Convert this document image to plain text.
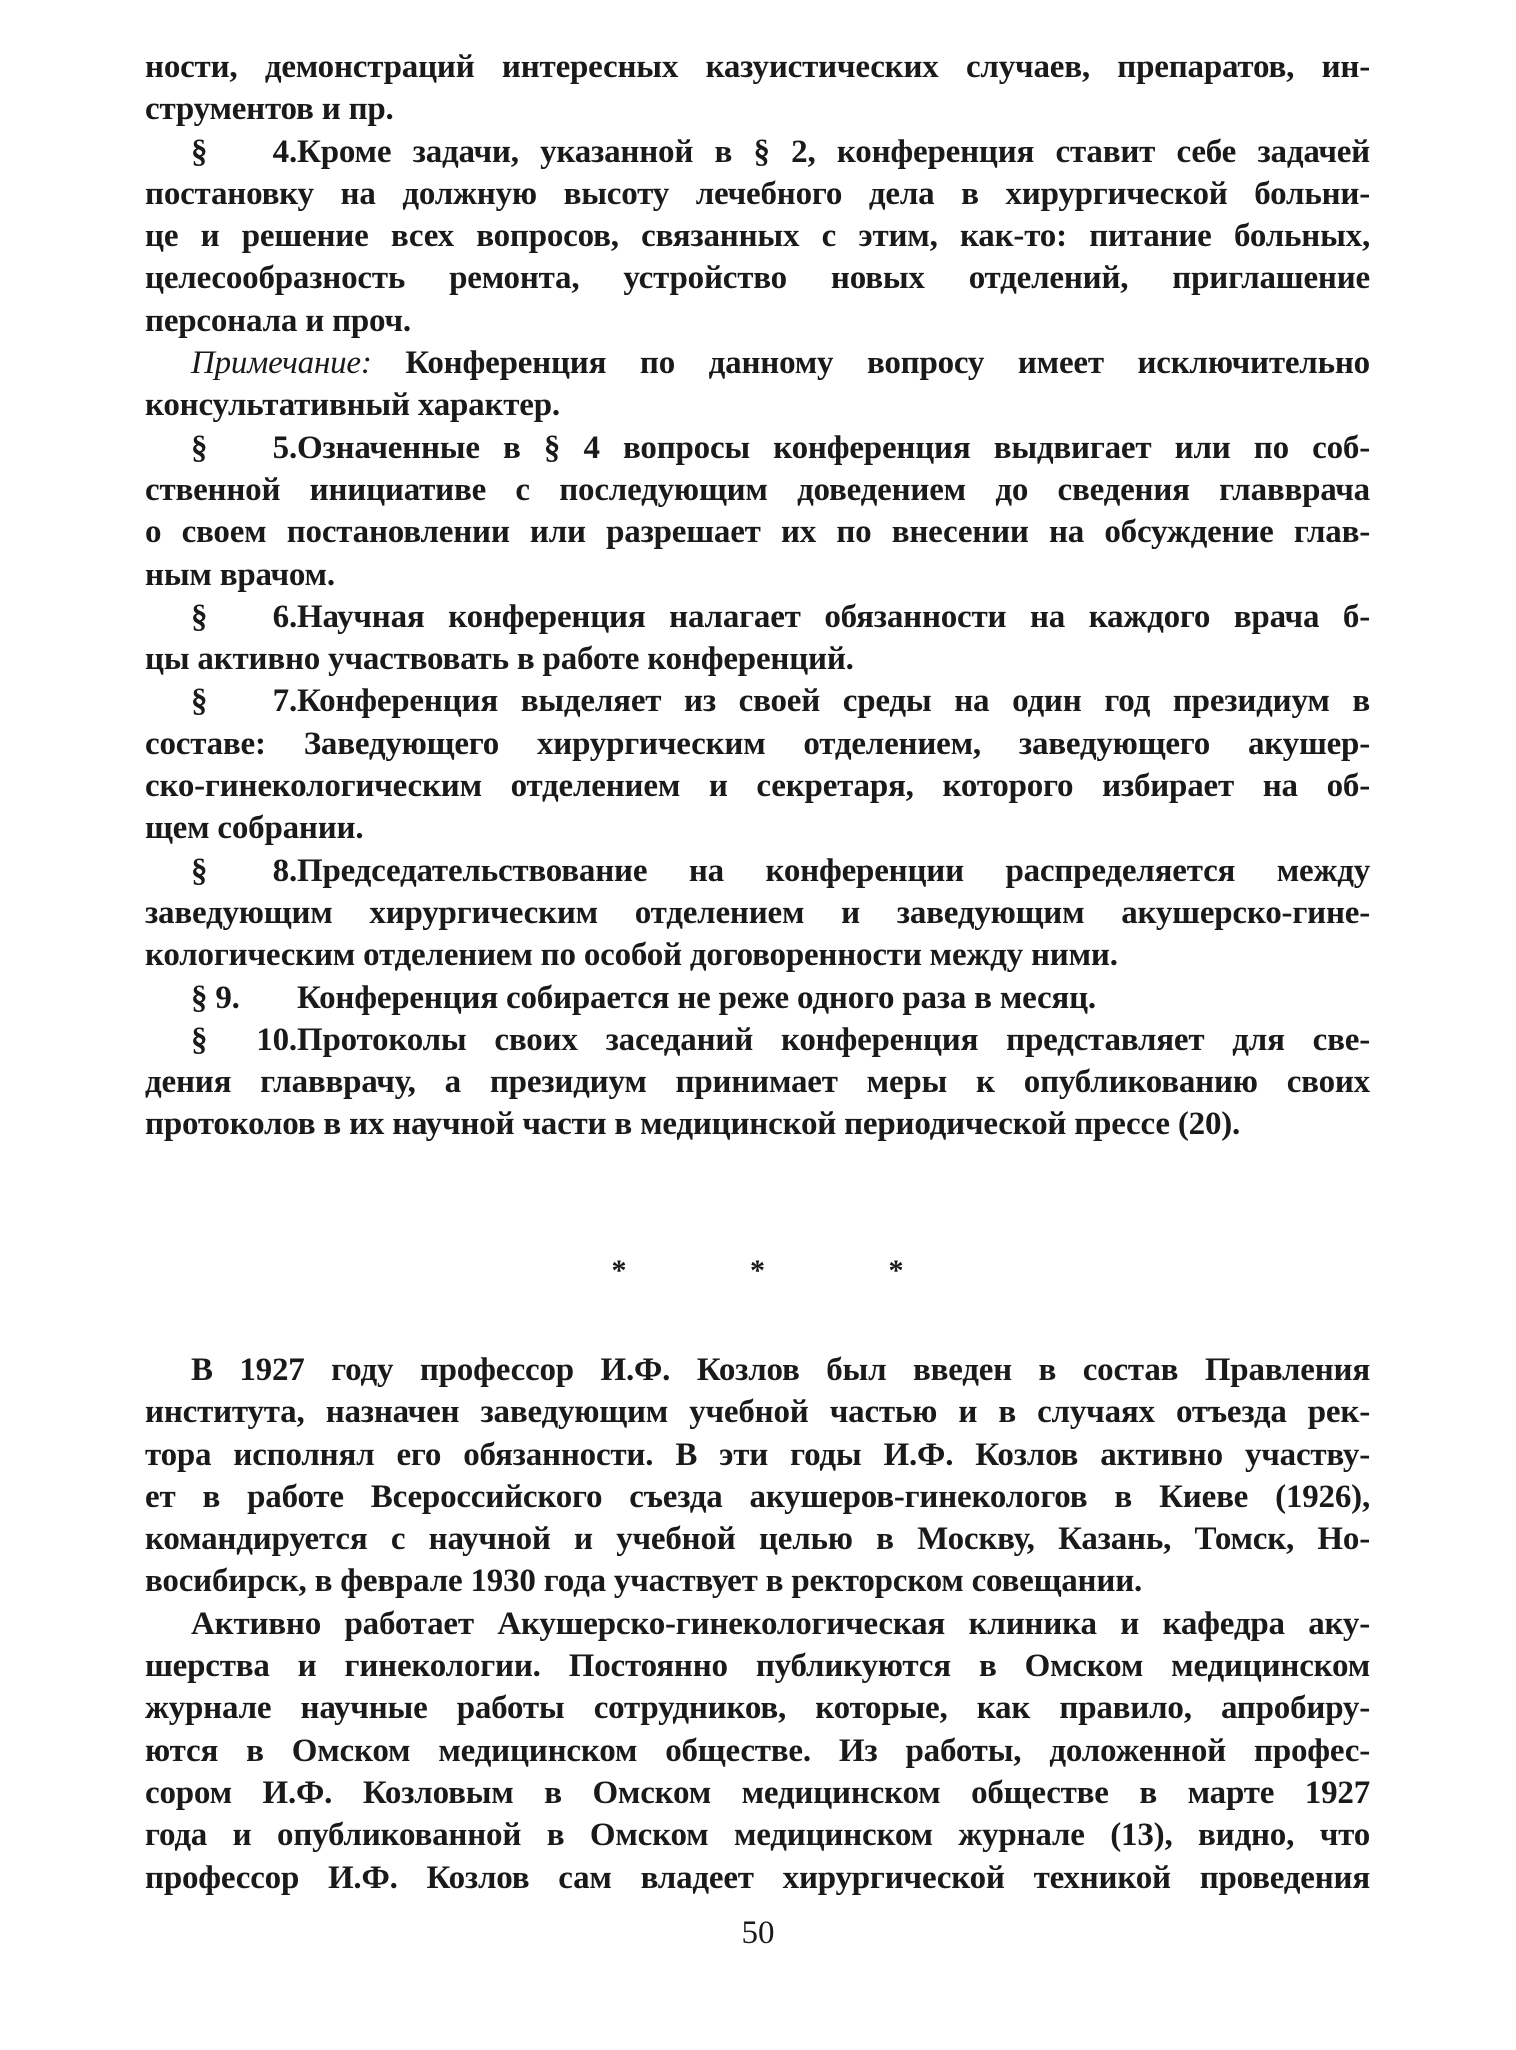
ности, демонстраций интересных казуистических случаев, препаратов, ин-
струментов и пр.
§ 4.Кроме задачи, указанной в § 2, конференция ставит себе задачей
постановку на должную высоту лечебного дела в хирургической больни-
це и решение всех вопросов, связанных с этим, как-то: питание больных,
целесообразность ремонта, устройство новых отделений, приглашение
персонала и проч.
Примечание: Конференция по данному вопросу имеет исключительно
консультативный характер.
§ 5.Означенные в § 4 вопросы конференция выдвигает или по соб-
ственной инициативе с последующим доведением до сведения главврача
о своем постановлении или разрешает их по внесении на обсуждение глав-
ным врачом.
§ 6.Научная конференция налагает обязанности на каждого врача б-
цы активно участвовать в работе конференций.
§ 7.Конференция выделяет из своей среды на один год президиум в
составе: Заведующего хирургическим отделением, заведующего акушер-
ско-гинекологическим отделением и секретаря, которого избирает на об-
щем собрании.
§ 8.Председательствование на конференции распределяется между
заведующим хирургическим отделением и заведующим акушерско-гине-
кологическим отделением по особой договоренности между ними.
§ 9. Конференция собирается не реже одного раза в месяц.
§ 10.Протоколы своих заседаний конференция представляет для све-
дения главврачу, а президиум принимает меры к опубликованию своих
протоколов в их научной части в медицинской периодической прессе (20).
* * *
В 1927 году профессор И.Ф. Козлов был введен в состав Правления
института, назначен заведующим учебной частью и в случаях отъезда рек-
тора исполнял его обязанности. В эти годы И.Ф. Козлов активно участву-
ет в работе Всероссийского съезда акушеров-гинекологов в Киеве (1926),
командируется с научной и учебной целью в Москву, Казань, Томск, Но-
восибирск, в феврале 1930 года участвует в ректорском совещании.
Активно работает Акушерско-гинекологическая клиника и кафедра аку-
шерства и гинекологии. Постоянно публикуются в Омском медицинском
журнале научные работы сотрудников, которые, как правило, апробиру-
ются в Омском медицинском обществе. Из работы, доложенной профес-
сором И.Ф. Козловым в Омском медицинском обществе в марте 1927
года и опубликованной в Омском медицинском журнале (13), видно, что
профессор И.Ф. Козлов сам владеет хирургической техникой проведения
50
